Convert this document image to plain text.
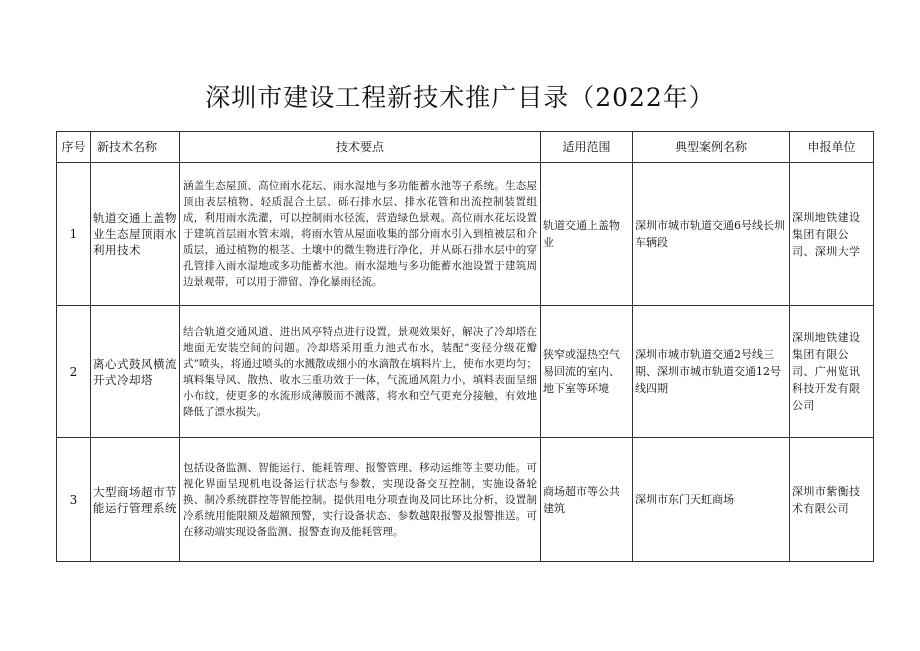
深圳市建设工程新技术推广目录（2022年）
序号	新技术名称	技术要点	适用范围	典型案例名称	申报单位
1	轨道交通上盖物业生态屋顶雨水利用技术	涵盖生态屋顶、高位雨水花坛、雨水湿地与多功能蓄水池等子系统。生态屋顶由表层植物、轻质混合土层、砾石排水层、排水花管和出流控制装置组成，利用雨水洗灌，可以控制雨水径流，营造绿色景观。高位雨水花坛设置于建筑首层雨水管末端，将雨水管从屋面收集的部分雨水引入到植被层和介质层，通过植物的根茎、土壤中的微生物进行净化，并从砾石排水层中的穿孔管排入雨水湿地或多功能蓄水池。雨水湿地与多功能蓄水池设置于建筑周边景观带，可以用于滞留、净化暴雨径流。	轨道交通上盖物业	深圳市城市轨道交通6号线长圳车辆段	深圳地铁建设集团有限公司、深圳大学
2	离心式鼓风横流开式冷却塔	结合轨道交通风道、进出风亭特点进行设置，景观效果好，解决了冷却塔在地面无安装空间的问题。冷却塔采用重力池式布水，装配“变径分级花瓣式”喷头，将通过喷头的水溅散成细小的水滴散在填料片上，使布水更均匀；填料集导风、散热、收水三重功效于一体，气流通风阻力小，填料表面呈细小布纹，使更多的水流形成薄膜而不溅落，将水和空气更充分接触，有效地降低了漂水损失。	狭窄或湿热空气易回流的室内、地下室等环境	深圳市城市轨道交通2号线三期、深圳市城市轨道交通12号线四期	深圳地铁建设集团有限公司、广州览讯科技开发有限公司
3	大型商场超市节能运行管理系统	包括设备监测、智能运行、能耗管理、报警管理、移动运维等主要功能。可视化界面呈现机电设备运行状态与参数，实现设备交互控制，实施设备轮换、制冷系统群控等智能控制。提供用电分项查询及同比环比分析，设置制冷系统用能限额及超额预警，实行设备状态、参数越限报警及报警推送。可在移动端实现设备监测、报警查询及能耗管理。	商场超市等公共建筑	深圳市东门天虹商场	深圳市紫衡技术有限公司
